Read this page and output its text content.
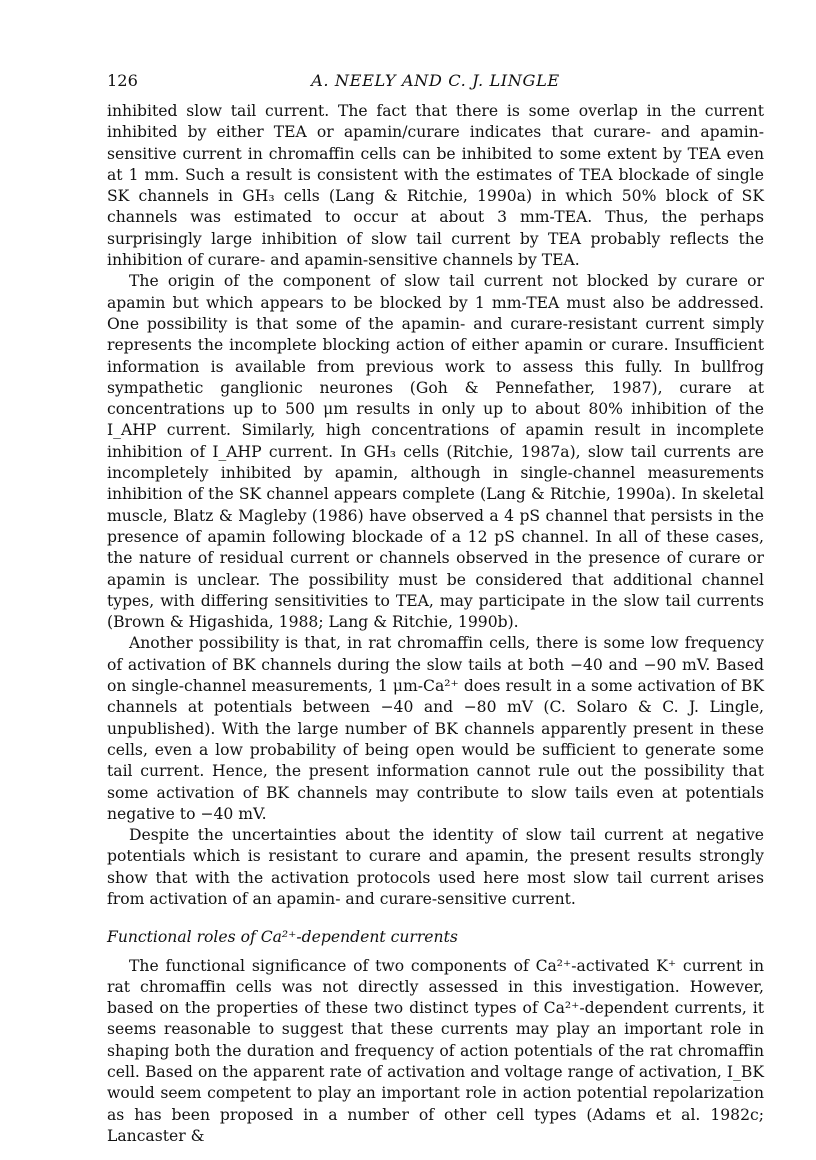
126	A. NEELY AND C. J. LINGLE

inhibited slow tail current. The fact that there is some overlap in the current inhibited by either TEA or apamin/curare indicates that curare- and apamin-sensitive current in chromaffin cells can be inhibited to some extent by TEA even at 1 mm. Such a result is consistent with the estimates of TEA blockade of single SK channels in GH₃ cells (Lang & Ritchie, 1990a) in which 50% block of SK channels was estimated to occur at about 3 mm-TEA. Thus, the perhaps surprisingly large inhibition of slow tail current by TEA probably reflects the inhibition of curare- and apamin-sensitive channels by TEA.

The origin of the component of slow tail current not blocked by curare or apamin but which appears to be blocked by 1 mm-TEA must also be addressed. One possibility is that some of the apamin- and curare-resistant current simply represents the incomplete blocking action of either apamin or curare. Insufficient information is available from previous work to assess this fully. In bullfrog sympathetic ganglionic neurones (Goh & Pennefather, 1987), curare at concentrations up to 500 μm results in only up to about 80% inhibition of the I_AHP current. Similarly, high concentrations of apamin result in incomplete inhibition of I_AHP current. In GH₃ cells (Ritchie, 1987a), slow tail currents are incompletely inhibited by apamin, although in single-channel measurements inhibition of the SK channel appears complete (Lang & Ritchie, 1990a). In skeletal muscle, Blatz & Magleby (1986) have observed a 4 pS channel that persists in the presence of apamin following blockade of a 12 pS channel. In all of these cases, the nature of residual current or channels observed in the presence of curare or apamin is unclear. The possibility must be considered that additional channel types, with differing sensitivities to TEA, may participate in the slow tail currents (Brown & Higashida, 1988; Lang & Ritchie, 1990b).

Another possibility is that, in rat chromaffin cells, there is some low frequency of activation of BK channels during the slow tails at both −40 and −90 mV. Based on single-channel measurements, 1 μm-Ca²⁺ does result in a some activation of BK channels at potentials between −40 and −80 mV (C. Solaro & C. J. Lingle, unpublished). With the large number of BK channels apparently present in these cells, even a low probability of being open would be sufficient to generate some tail current. Hence, the present information cannot rule out the possibility that some activation of BK channels may contribute to slow tails even at potentials negative to −40 mV.

Despite the uncertainties about the identity of slow tail current at negative potentials which is resistant to curare and apamin, the present results strongly show that with the activation protocols used here most slow tail current arises from activation of an apamin- and curare-sensitive current.

Functional roles of Ca²⁺-dependent currents

The functional significance of two components of Ca²⁺-activated K⁺ current in rat chromaffin cells was not directly assessed in this investigation. However, based on the properties of these two distinct types of Ca²⁺-dependent currents, it seems reasonable to suggest that these currents may play an important role in shaping both the duration and frequency of action potentials of the rat chromaffin cell. Based on the apparent rate of activation and voltage range of activation, I_BK would seem competent to play an important role in action potential repolarization as has been proposed in a number of other cell types (Adams et al. 1982c; Lancaster &
